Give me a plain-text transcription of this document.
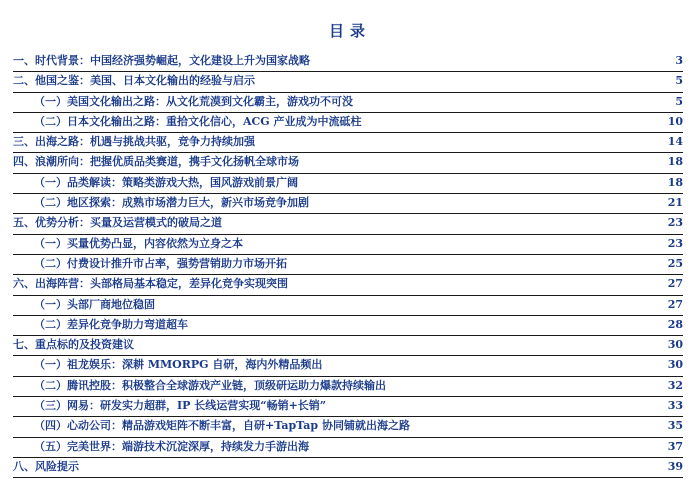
目录
一、时代背景：中国经济强势崛起，文化建设上升为国家战略	3
二、他国之鉴：美国、日本文化输出的经验与启示	5
（一）美国文化输出之路：从文化荒漠到文化霸主，游戏功不可没	5
（二）日本文化输出之路：重拾文化信心，ACG 产业成为中流砥柱	10
三、出海之路：机遇与挑战共驱，竞争力持续加强	14
四、浪潮所向：把握优质品类赛道，携手文化扬帆全球市场	18
（一）品类解读：策略类游戏大热，国风游戏前景广阔	18
（二）地区探索：成熟市场潜力巨大，新兴市场竞争加剧	21
五、优势分析：买量及运营模式的破局之道	23
（一）买量优势凸显，内容依然为立身之本	23
（二）付费设计推升市占率，强势营销助力市场开拓	25
六、出海阵营：头部格局基本稳定，差异化竞争实现突围	27
（一）头部厂商地位稳固	27
（二）差异化竞争助力弯道超车	28
七、重点标的及投资建议	30
（一）祖龙娱乐：深耕 MMORPG 自研，海内外精品频出	30
（二）腾讯控股：积极整合全球游戏产业链，顶级研运助力爆款持续输出	32
（三）网易：研发实力超群，IP 长线运营实现“畅销+长销”	33
（四）心动公司：精品游戏矩阵不断丰富，自研+TapTap 协同铺就出海之路	35
（五）完美世界：端游技术沉淀深厚，持续发力手游出海	37
八、风险提示	39
